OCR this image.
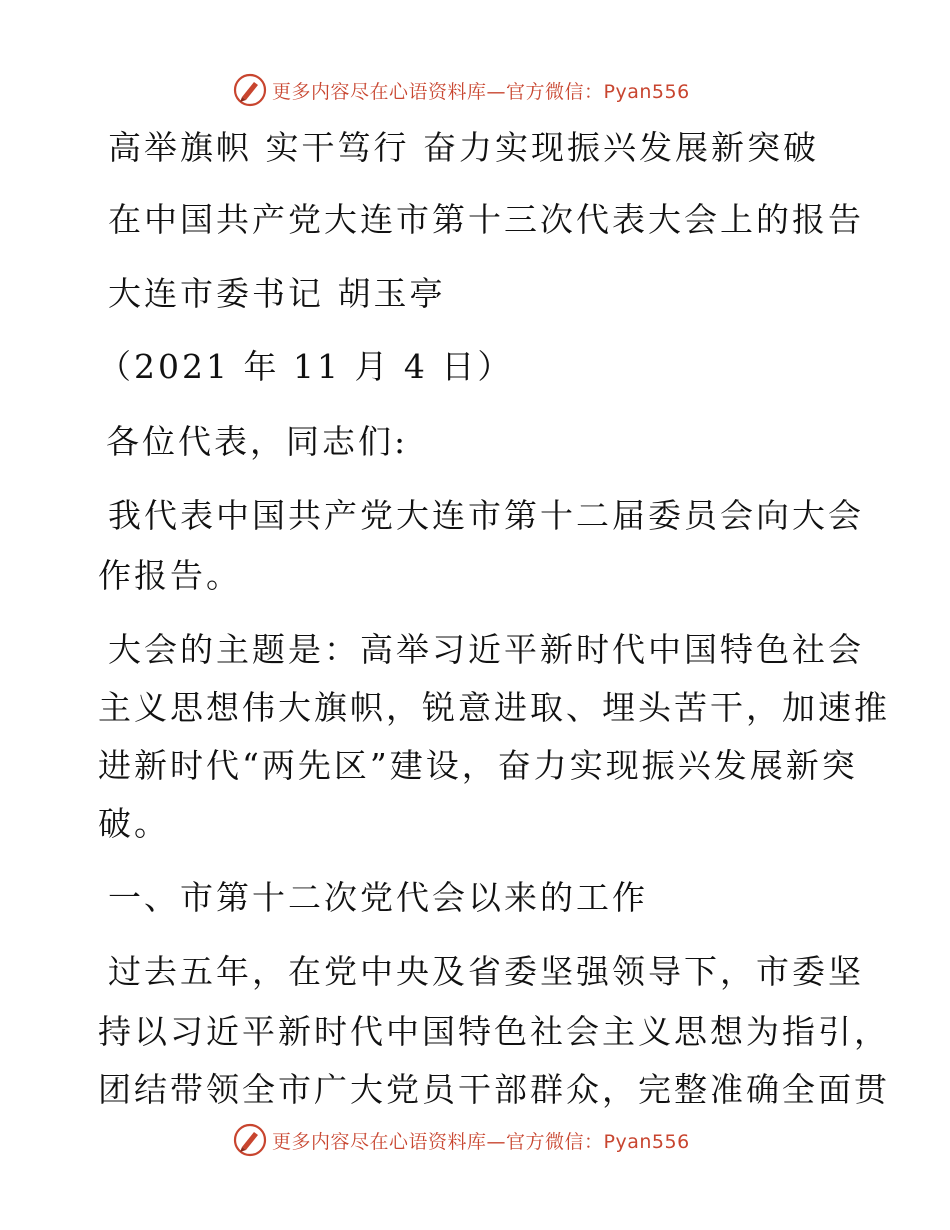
更多内容尽在心语资料库—官方微信：Pyan556
高举旗帜 实干笃行 奋力实现振兴发展新突破
在中国共产党大连市第十三次代表大会上的报告
大连市委书记 胡玉亭
（2021 年 11 月 4 日）
各位代表，同志们:
我代表中国共产党大连市第十二届委员会向大会
作报告。
大会的主题是：高举习近平新时代中国特色社会
主义思想伟大旗帜，锐意进取、埋头苦干，加速推
进新时代“两先区”建设，奋力实现振兴发展新突
破。
一、市第十二次党代会以来的工作
过去五年，在党中央及省委坚强领导下，市委坚
持以习近平新时代中国特色社会主义思想为指引，
团结带领全市广大党员干部群众，完整准确全面贯
更多内容尽在心语资料库—官方微信：Pyan556
